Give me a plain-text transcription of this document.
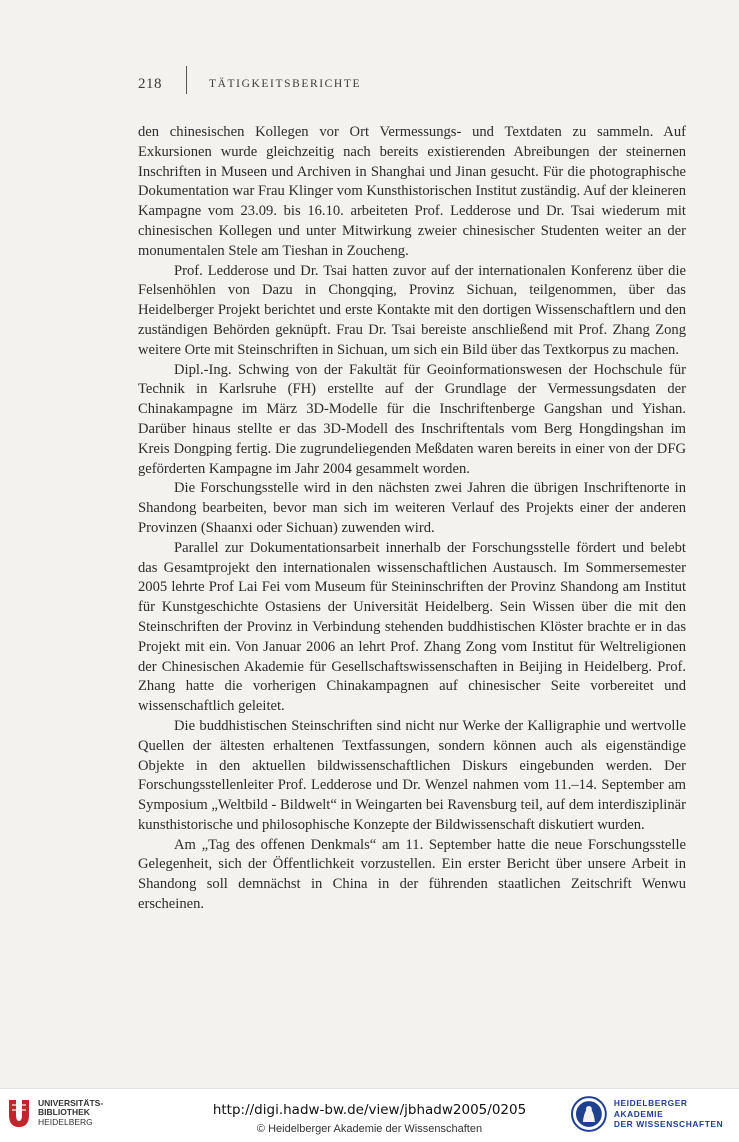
218	TÄTIGKEITSBERICHTE

den chinesischen Kollegen vor Ort Vermessungs- und Textdaten zu sammeln. Auf Exkursionen wurde gleichzeitig nach bereits existierenden Abreibungen der steinernen Inschriften in Museen und Archiven in Shanghai und Jinan gesucht. Für die photographische Dokumentation war Frau Klinger vom Kunsthistorischen Institut zuständig. Auf der kleineren Kampagne vom 23.09. bis 16.10. arbeiteten Prof. Ledderose und Dr. Tsai wiederum mit chinesischen Kollegen und unter Mitwirkung zweier chinesischer Studenten weiter an der monumentalen Stele am Tieshan in Zoucheng.

Prof. Ledderose und Dr. Tsai hatten zuvor auf der internationalen Konferenz über die Felsenhöhlen von Dazu in Chongqing, Provinz Sichuan, teilgenommen, über das Heidelberger Projekt berichtet und erste Kontakte mit den dortigen Wissenschaftlern und den zuständigen Behörden geknüpft. Frau Dr. Tsai bereiste anschließend mit Prof. Zhang Zong weitere Orte mit Steinschriften in Sichuan, um sich ein Bild über das Textkorpus zu machen.

Dipl.-Ing. Schwing von der Fakultät für Geoinformationswesen der Hochschule für Technik in Karlsruhe (FH) erstellte auf der Grundlage der Vermessungsdaten der Chinakampagne im März 3D-Modelle für die Inschriftenberge Gangshan und Yishan. Darüber hinaus stellte er das 3D-Modell des Inschriftentals vom Berg Hongdingshan im Kreis Dongping fertig. Die zugrundeliegenden Meßdaten waren bereits in einer von der DFG geförderten Kampagne im Jahr 2004 gesammelt worden.

Die Forschungsstelle wird in den nächsten zwei Jahren die übrigen Inschriftenorte in Shandong bearbeiten, bevor man sich im weiteren Verlauf des Projekts einer der anderen Provinzen (Shaanxi oder Sichuan) zuwenden wird.

Parallel zur Dokumentationsarbeit innerhalb der Forschungsstelle fördert und belebt das Gesamtprojekt den internationalen wissenschaftlichen Austausch. Im Sommersemester 2005 lehrte Prof Lai Fei vom Museum für Steininschriften der Provinz Shandong am Institut für Kunstgeschichte Ostasiens der Universität Heidelberg. Sein Wissen über die mit den Steinschriften der Provinz in Verbindung stehenden buddhistischen Klöster brachte er in das Projekt mit ein. Von Januar 2006 an lehrt Prof. Zhang Zong vom Institut für Weltreligionen der Chinesischen Akademie für Gesellschaftswissenschaften in Beijing in Heidelberg. Prof. Zhang hatte die vorherigen Chinakampagnen auf chinesischer Seite vorbereitet und wissenschaftlich geleitet.

Die buddhistischen Steinschriften sind nicht nur Werke der Kalligraphie und wertvolle Quellen der ältesten erhaltenen Textfassungen, sondern können auch als eigenständige Objekte in den aktuellen bildwissenschaftlichen Diskurs eingebunden werden. Der Forschungsstellenleiter Prof. Ledderose und Dr. Wenzel nahmen vom 11.–14. September am Symposium „Weltbild - Bildwelt“ in Weingarten bei Ravensburg teil, auf dem interdisziplinär kunsthistorische und philosophische Konzepte der Bildwissenschaft diskutiert wurden.

Am „Tag des offenen Denkmals“ am 11. September hatte die neue Forschungsstelle Gelegenheit, sich der Öffentlichkeit vorzustellen. Ein erster Bericht über unsere Arbeit in Shandong soll demnächst in China in der führenden staatlichen Zeitschrift Wenwu erscheinen.

UNIVERSITÄTS-
BIBLIOTHEK
HEIDELBERG
http://digi.hadw-bw.de/view/jbhadw2005/0205
© Heidelberger Akademie der Wissenschaften
HEIDELBERGER AKADEMIE
DER WISSENSCHAFTEN
